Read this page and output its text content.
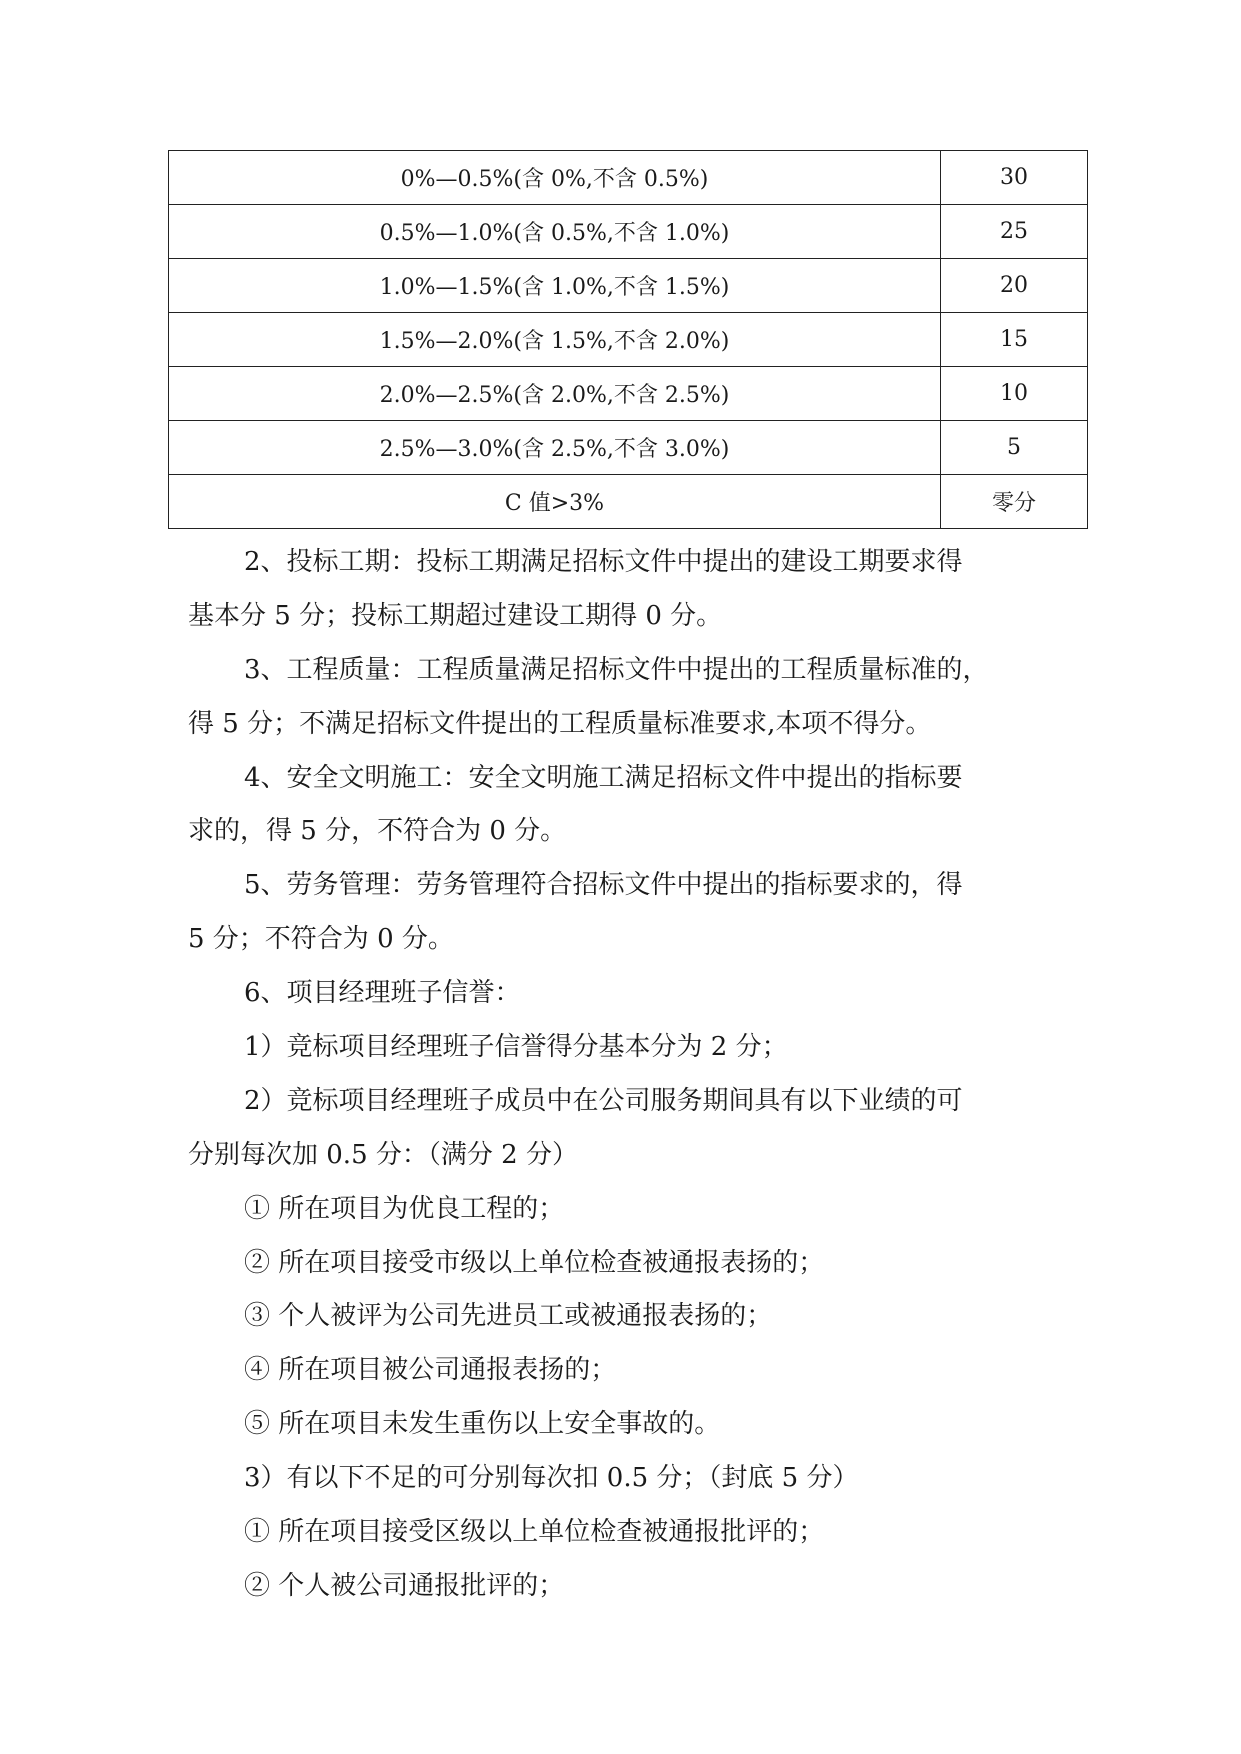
0%—0.5%(含 0%,不含 0.5%)	30
0.5%—1.0%(含 0.5%,不含 1.0%)	25
1.0%—1.5%(含 1.0%,不含 1.5%)	20
1.5%—2.0%(含 1.5%,不含 2.0%)	15
2.0%—2.5%(含 2.0%,不含 2.5%)	10
2.5%—3.0%(含 2.5%,不含 3.0%)	5
C 值>3%	零分
2、投标工期：投标工期满足招标文件中提出的建设工期要求得
基本分 5 分；投标工期超过建设工期得 0 分。
3、工程质量：工程质量满足招标文件中提出的工程质量标准的，
得 5 分；不满足招标文件提出的工程质量标准要求,本项不得分。
4、安全文明施工：安全文明施工满足招标文件中提出的指标要
求的，得 5 分，不符合为 0 分。
5、劳务管理：劳务管理符合招标文件中提出的指标要求的，得
5 分；不符合为 0 分。
6、项目经理班子信誉：
1）竞标项目经理班子信誉得分基本分为 2 分；
2）竞标项目经理班子成员中在公司服务期间具有以下业绩的可
分别每次加 0.5 分：（满分 2 分）
① 所在项目为优良工程的；
② 所在项目接受市级以上单位检查被通报表扬的；
③ 个人被评为公司先进员工或被通报表扬的；
④ 所在项目被公司通报表扬的；
⑤ 所在项目未发生重伤以上安全事故的。
3）有以下不足的可分别每次扣 0.5 分；（封底 5 分）
① 所在项目接受区级以上单位检查被通报批评的；
② 个人被公司通报批评的；
